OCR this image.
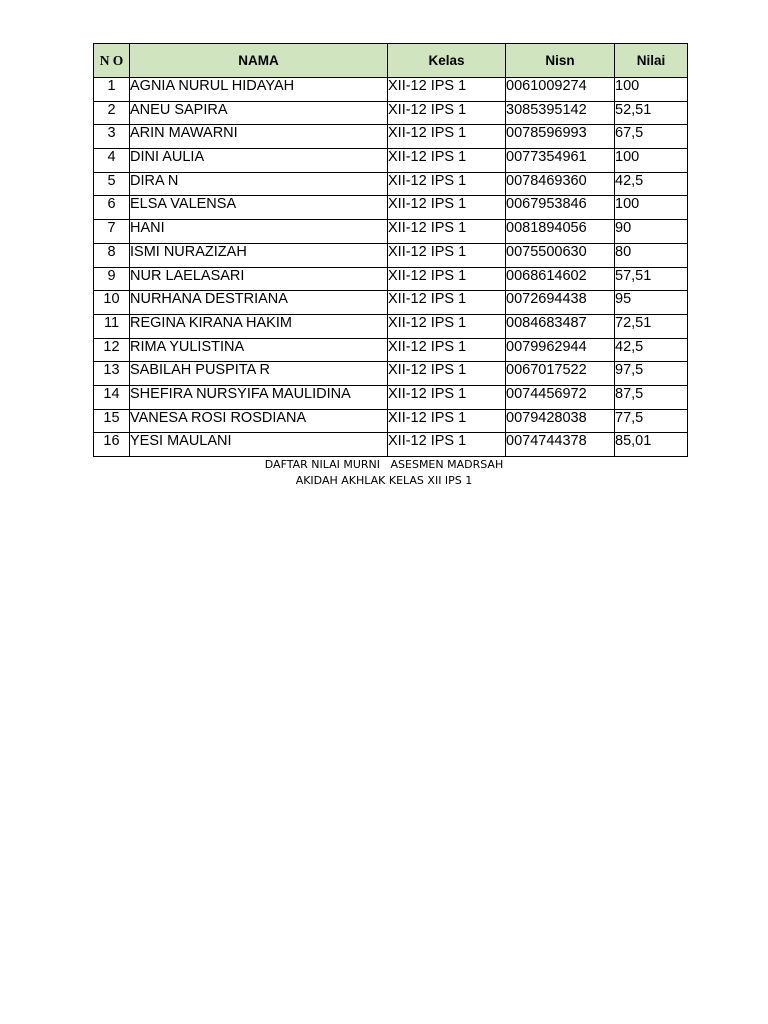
N O	NAMA	Kelas	Nisn	Nilai
1	AGNIA NURUL HIDAYAH	XII-12 IPS 1	0061009274	100
2	ANEU SAPIRA	XII-12 IPS 1	3085395142	52,51
3	ARIN MAWARNI	XII-12 IPS 1	0078596993	67,5
4	DINI AULIA	XII-12 IPS 1	0077354961	100
5	DIRA N	XII-12 IPS 1	0078469360	42,5
6	ELSA VALENSA	XII-12 IPS 1	0067953846	100
7	HANI	XII-12 IPS 1	0081894056	90
8	ISMI NURAZIZAH	XII-12 IPS 1	0075500630	80
9	NUR LAELASARI	XII-12 IPS 1	0068614602	57,51
10	NURHANA DESTRIANA	XII-12 IPS 1	0072694438	95
11	REGINA KIRANA HAKIM	XII-12 IPS 1	0084683487	72,51
12	RIMA YULISTINA	XII-12 IPS 1	0079962944	42,5
13	SABILAH PUSPITA R	XII-12 IPS 1	0067017522	97,5
14	SHEFIRA NURSYIFA MAULIDINA	XII-12 IPS 1	0074456972	87,5
15	VANESA ROSI ROSDIANA	XII-12 IPS 1	0079428038	77,5
16	YESI MAULANI	XII-12 IPS 1	0074744378	85,01
DAFTAR NILAI MURNI   ASESMEN MADRSAH
AKIDAH AKHLAK KELAS XII IPS 1
